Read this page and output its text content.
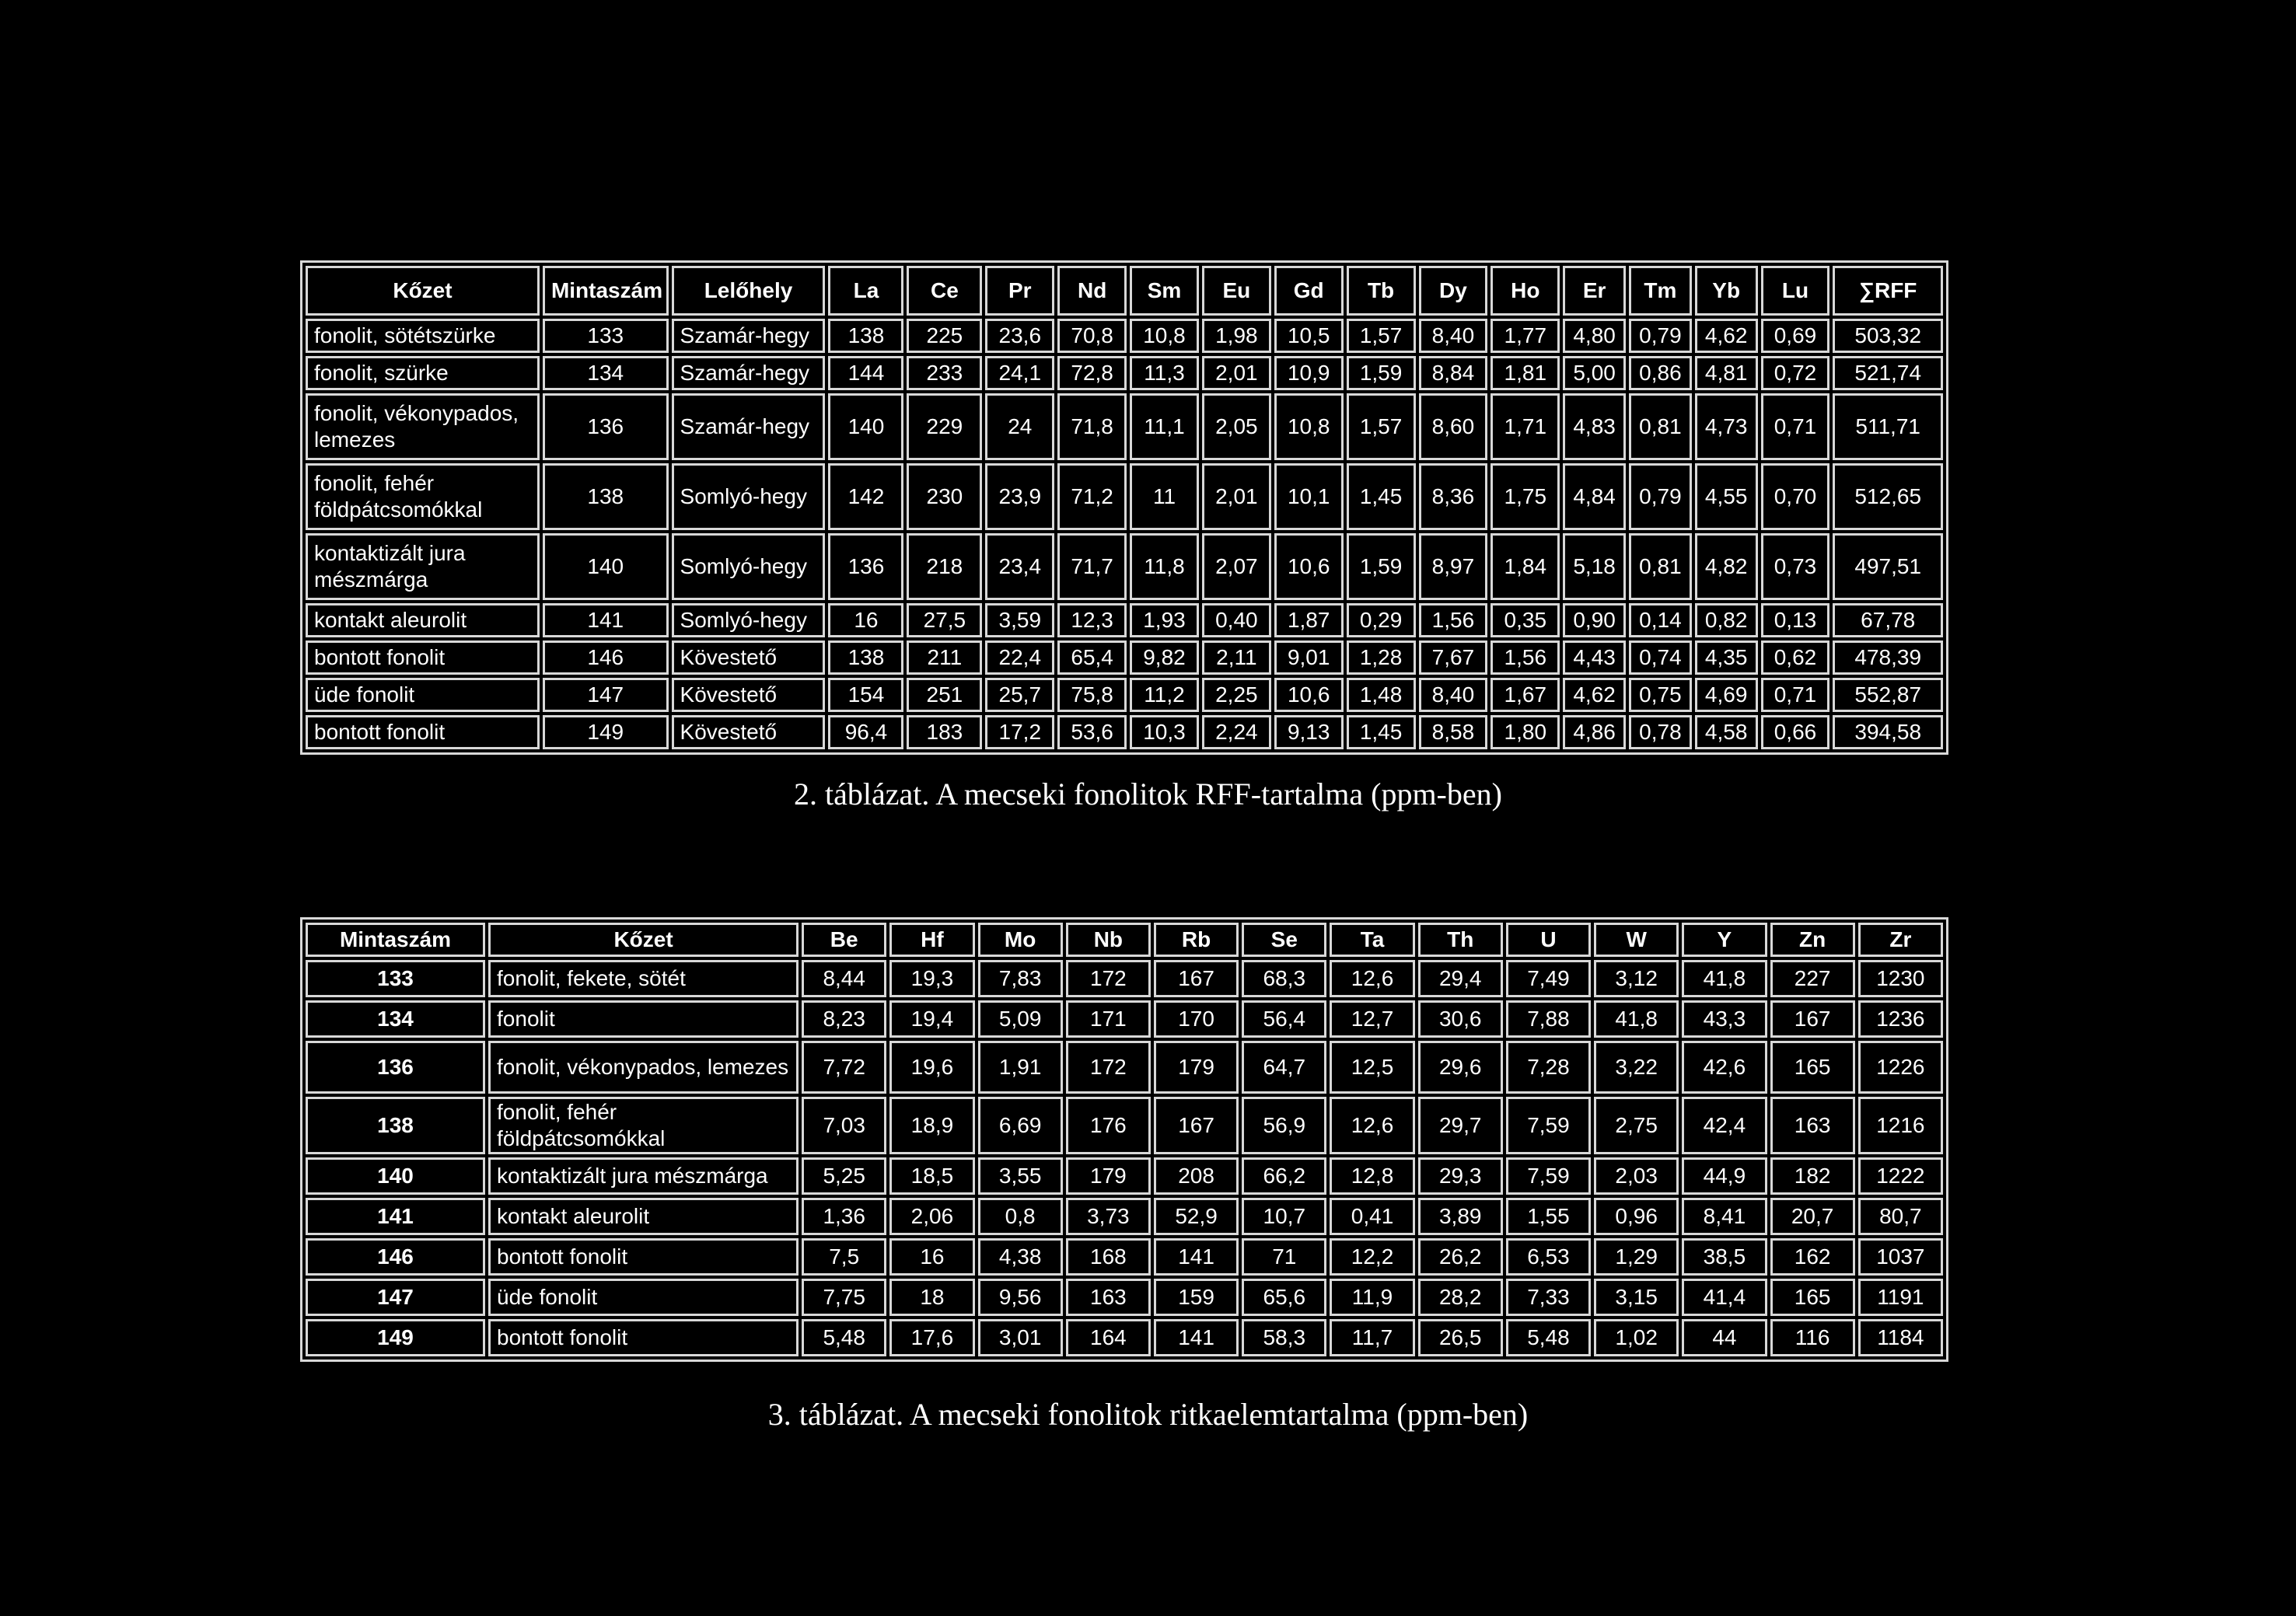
Kőzet	Mintaszám	Lelőhely	La	Ce	Pr	Nd	Sm	Eu	Gd	Tb	Dy	Ho	Er	Tm	Yb	Lu	∑RFF
fonolit, sötétszürke	133	Szamár-hegy	138	225	23,6	70,8	10,8	1,98	10,5	1,57	8,40	1,77	4,80	0,79	4,62	0,69	503,32
fonolit, szürke	134	Szamár-hegy	144	233	24,1	72,8	11,3	2,01	10,9	1,59	8,84	1,81	5,00	0,86	4,81	0,72	521,74
fonolit, vékonypados, lemezes	136	Szamár-hegy	140	229	24	71,8	11,1	2,05	10,8	1,57	8,60	1,71	4,83	0,81	4,73	0,71	511,71
fonolit, fehér földpátcsomókkal	138	Somlyó-hegy	142	230	23,9	71,2	11	2,01	10,1	1,45	8,36	1,75	4,84	0,79	4,55	0,70	512,65
kontaktizált jura mészmárga	140	Somlyó-hegy	136	218	23,4	71,7	11,8	2,07	10,6	1,59	8,97	1,84	5,18	0,81	4,82	0,73	497,51
kontakt aleurolit	141	Somlyó-hegy	16	27,5	3,59	12,3	1,93	0,40	1,87	0,29	1,56	0,35	0,90	0,14	0,82	0,13	67,78
bontott fonolit	146	Kövestető	138	211	22,4	65,4	9,82	2,11	9,01	1,28	7,67	1,56	4,43	0,74	4,35	0,62	478,39
üde fonolit	147	Kövestető	154	251	25,7	75,8	11,2	2,25	10,6	1,48	8,40	1,67	4,62	0,75	4,69	0,71	552,87
bontott fonolit	149	Kövestető	96,4	183	17,2	53,6	10,3	2,24	9,13	1,45	8,58	1,80	4,86	0,78	4,58	0,66	394,58
2. táblázat. A mecseki fonolitok RFF-tartalma (ppm-ben)
Mintaszám	Kőzet	Be	Hf	Mo	Nb	Rb	Se	Ta	Th	U	W	Y	Zn	Zr
133	fonolit, fekete, sötét	8,44	19,3	7,83	172	167	68,3	12,6	29,4	7,49	3,12	41,8	227	1230
134	fonolit	8,23	19,4	5,09	171	170	56,4	12,7	30,6	7,88	41,8	43,3	167	1236
136	fonolit, vékonypados, lemezes	7,72	19,6	1,91	172	179	64,7	12,5	29,6	7,28	3,22	42,6	165	1226
138	fonolit, fehér földpátcsomókkal	7,03	18,9	6,69	176	167	56,9	12,6	29,7	7,59	2,75	42,4	163	1216
140	kontaktizált jura mészmárga	5,25	18,5	3,55	179	208	66,2	12,8	29,3	7,59	2,03	44,9	182	1222
141	kontakt aleurolit	1,36	2,06	0,8	3,73	52,9	10,7	0,41	3,89	1,55	0,96	8,41	20,7	80,7
146	bontott fonolit	7,5	16	4,38	168	141	71	12,2	26,2	6,53	1,29	38,5	162	1037
147	üde fonolit	7,75	18	9,56	163	159	65,6	11,9	28,2	7,33	3,15	41,4	165	1191
149	bontott fonolit	5,48	17,6	3,01	164	141	58,3	11,7	26,5	5,48	1,02	44	116	1184
3. táblázat. A mecseki fonolitok ritkaelemtartalma (ppm-ben)
